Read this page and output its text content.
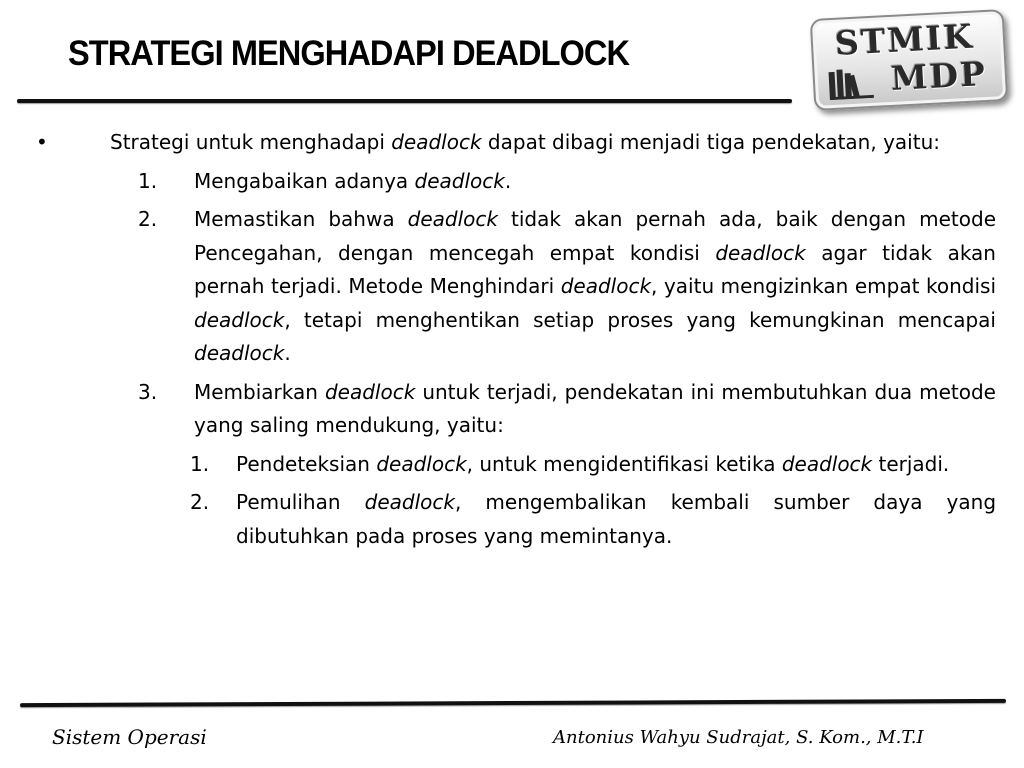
STRATEGI MENGHADAPI DEADLOCK	STMIK
MDP
•	Strategi untuk menghadapi deadlock dapat dibagi menjadi tiga pendekatan, yaitu:
1. Mengabaikan adanya deadlock.
2. Memastikan bahwa deadlock tidak akan pernah ada, baik dengan metode Pencegahan, dengan mencegah empat kondisi deadlock agar tidak akan pernah terjadi. Metode Menghindari deadlock, yaitu mengizinkan empat kondisi deadlock, tetapi menghentikan setiap proses yang kemungkinan mencapai deadlock.
3. Membiarkan deadlock untuk terjadi, pendekatan ini membutuhkan dua metode yang saling mendukung, yaitu:
1. Pendeteksian deadlock, untuk mengidentifikasi ketika deadlock terjadi.
2. Pemulihan deadlock, mengembalikan kembali sumber daya yang dibutuhkan pada proses yang memintanya.
Sistem Operasi	Antonius Wahyu Sudrajat, S. Kom., M.T.I
